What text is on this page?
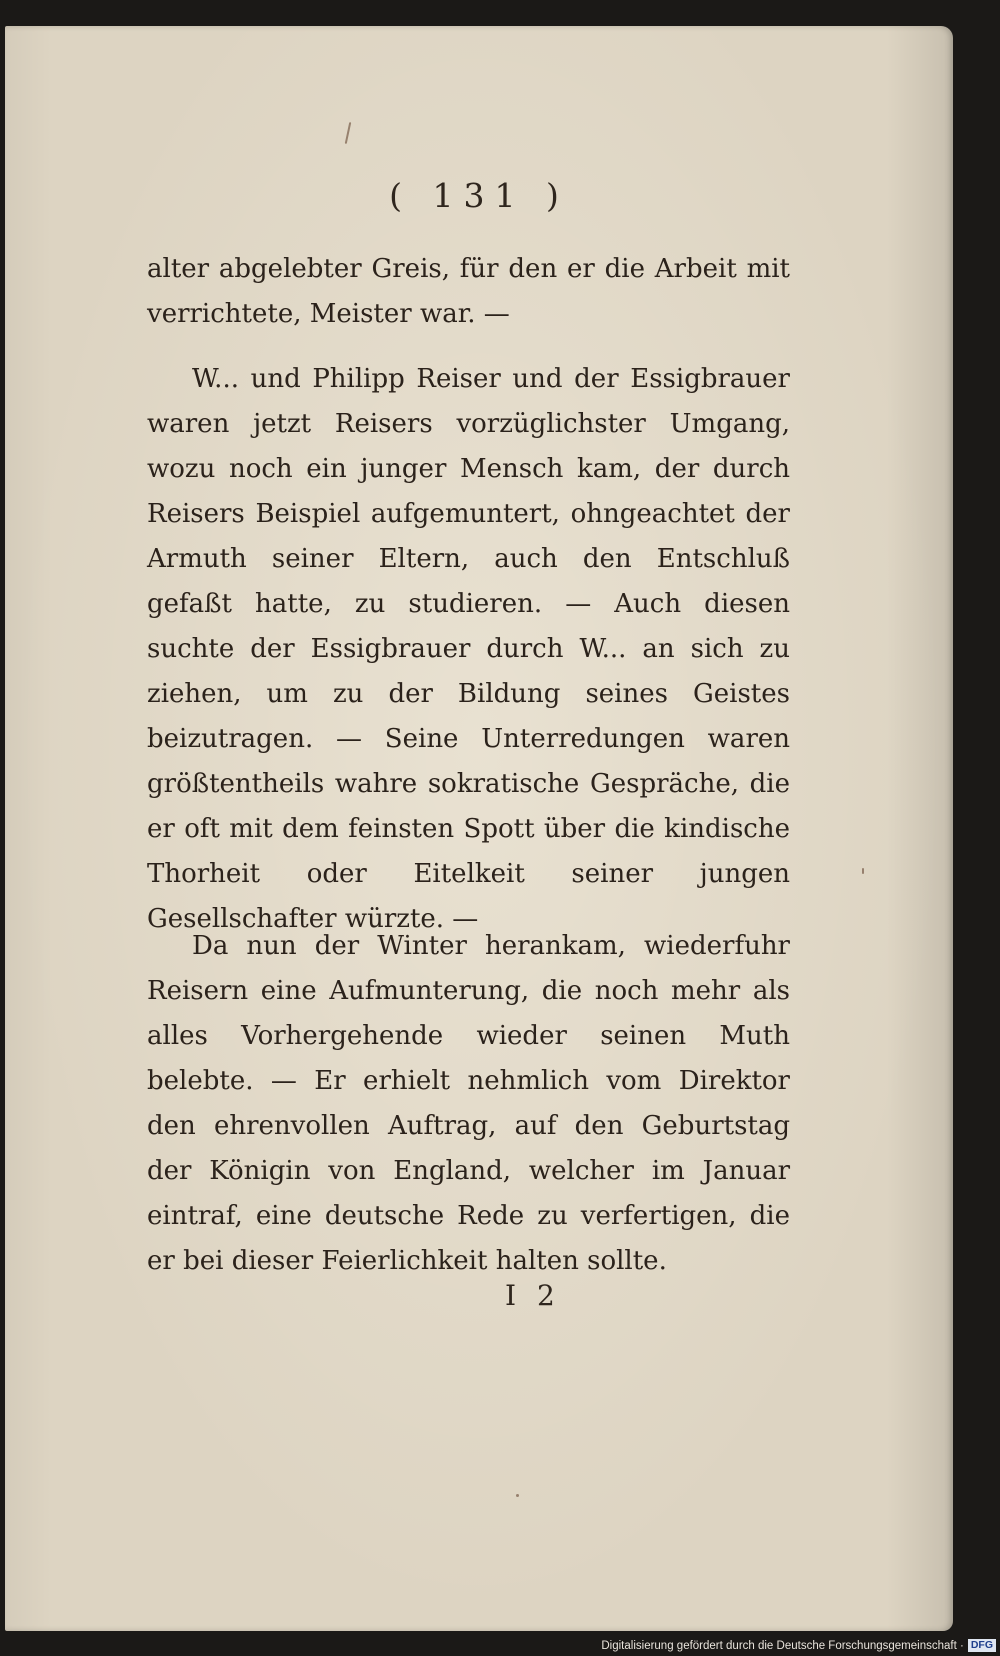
( 131 )

alter abgelebter Greis, für den er die Arbeit mit verrichtete, Meister war. —

W... und Philipp Reiser und der Essigbrauer waren jetzt Reisers vorzüglichster Umgang, wozu noch ein junger Mensch kam, der durch Reisers Beispiel aufgemuntert, ohngeachtet der Armuth seiner Eltern, auch den Entschluß gefaßt hatte, zu studieren. — Auch diesen suchte der Essigbrauer durch W... an sich zu ziehen, um zu der Bildung seines Geistes beizutragen. — Seine Unterredungen waren größtentheils wahre sokratische Gespräche, die er oft mit dem feinsten Spott über die kindische Thorheit oder Eitelkeit seiner jungen Gesellschafter würzte. —

Da nun der Winter herankam, wiederfuhr Reisern eine Aufmunterung, die noch mehr als alles Vorhergehende wieder seinen Muth belebte. — Er erhielt nehmlich vom Direktor den ehrenvollen Auftrag, auf den Geburtstag der Königin von England, welcher im Januar eintraf, eine deutsche Rede zu verfertigen, die er bei dieser Feierlichkeit halten sollte.

I 2
Digitalisierung gefördert durch die Deutsche Forschungsgemeinschaft · DFG
